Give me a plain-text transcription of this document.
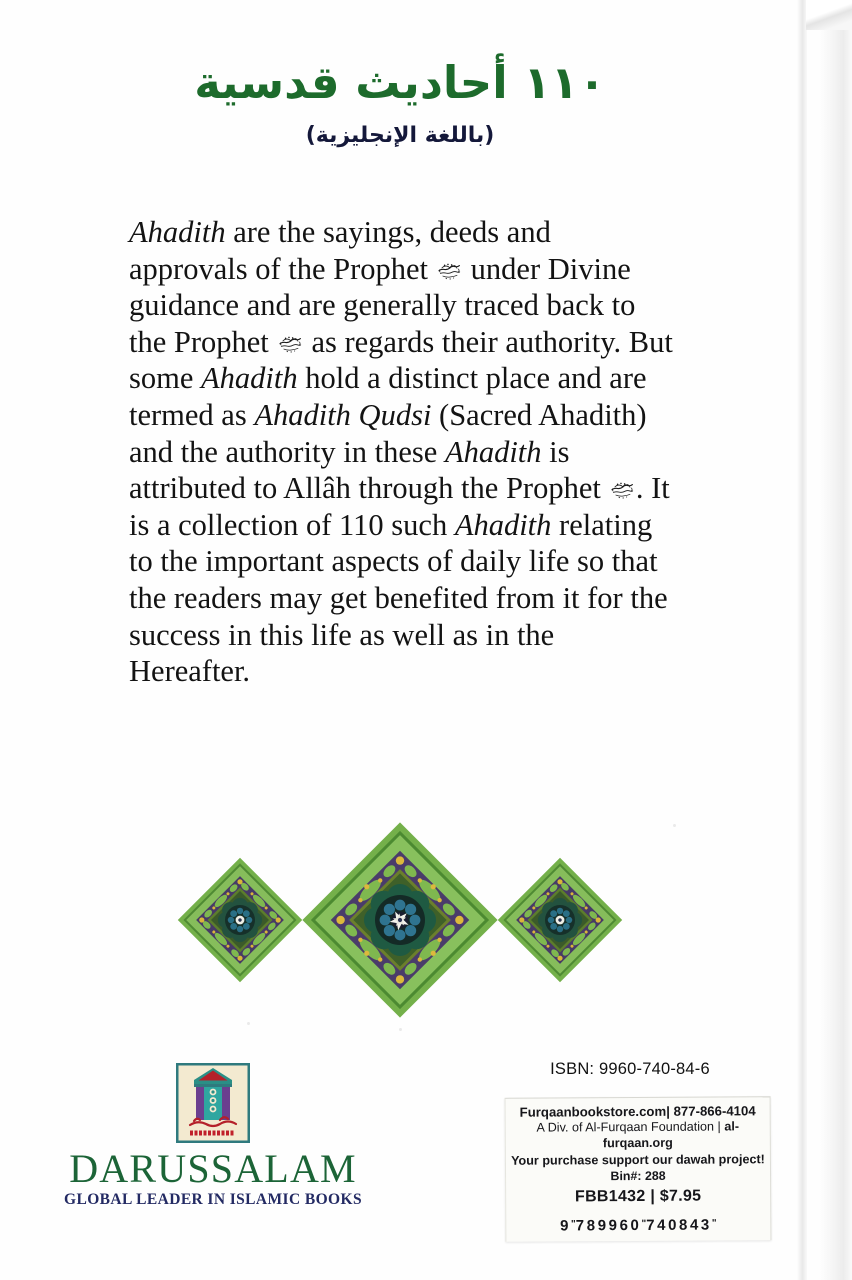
١١٠ أحاديث قدسية
(باللغة الإنجليزية)

Ahadith are the sayings, deeds and approvals of the Prophet
under Divine guidance and are generally traced back to the Prophet
as regards their authority. But some Ahadith hold a distinct place and are termed as Ahadith Qudsi (Sacred Ahadith) and the authority in these Ahadith is attributed to Allâh through the Prophet
. It is a collection of 110 such Ahadith relating to the important aspects of daily life so that the readers may get benefited from it for the success in this life as well as in the Hereafter.

DARUSSALAM
GLOBAL LEADER IN ISLAMIC BOOKS
ISBN: 9960-740-84-6
Furqaanbookstore.com| 877-866-4104
A Div. of Al-Furqaan Foundation | al-furqaan.org
Your purchase support our dawah project!
Bin#: 288
FBB1432 | $7.95
9"789960"740843"
